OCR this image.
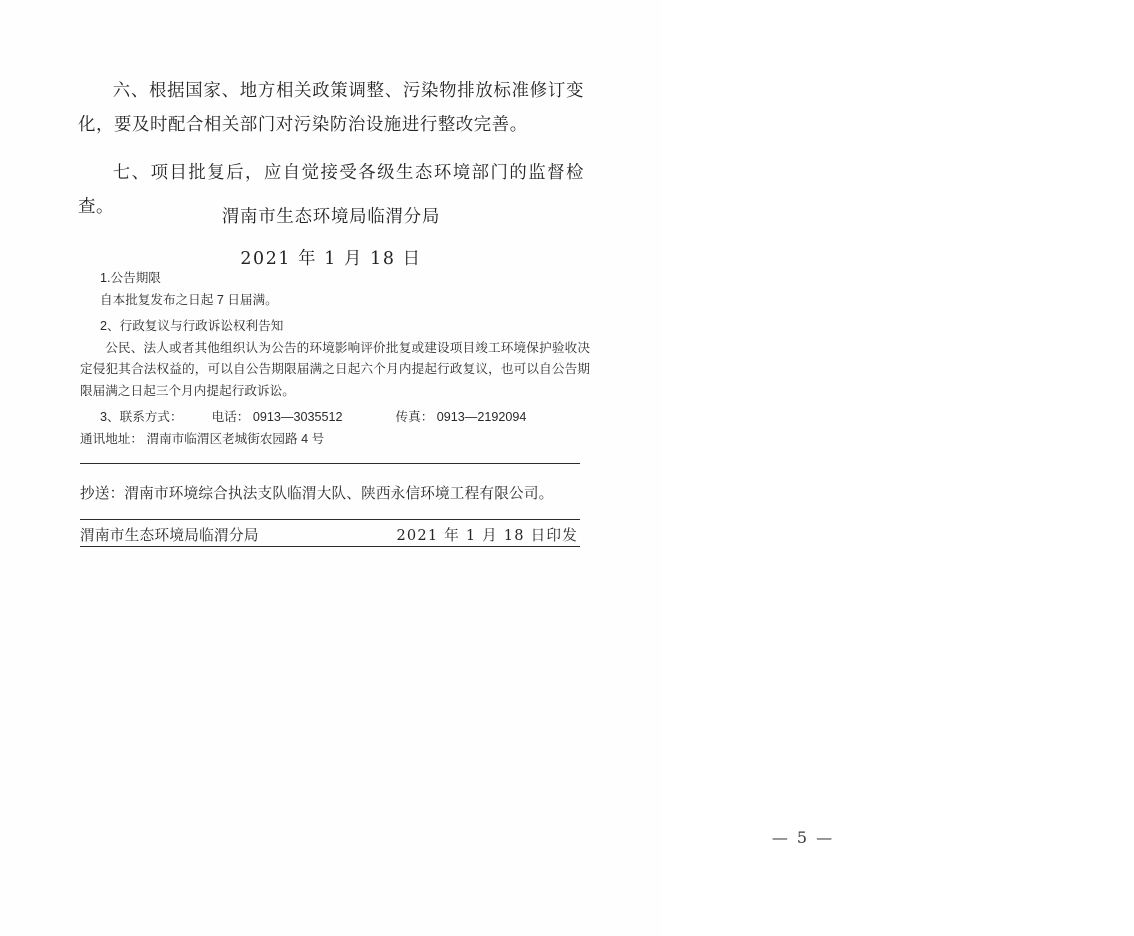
六、根据国家、地方相关政策调整、污染物排放标准修订变化，要及时配合相关部门对污染防治设施进行整改完善。

七、项目批复后，应自觉接受各级生态环境部门的监督检查。	渭南市生态环境局临渭分局
2021 年 1 月 18 日

1.公告期限

自本批复发布之日起 7 日届满。

2、行政复议与行政诉讼权利告知

公民、法人或者其他组织认为公告的环境影响评价批复或建设项目竣工环境保护验收决定侵犯其合法权益的，可以自公告期限届满之日起六个月内提起行政复议，也可以自公告期限届满之日起三个月内提起行政诉讼。

3、联系方式： 电话： 0913—3035512	传真： 0913—2192094

通讯地址： 渭南市临渭区老城街农园路 4 号

抄送：渭南市环境综合执法支队临渭大队、陕西永信环境工程有限公司。
渭南市生态环境局临渭分局	2021 年 1 月 18 日印发
— 5 —
